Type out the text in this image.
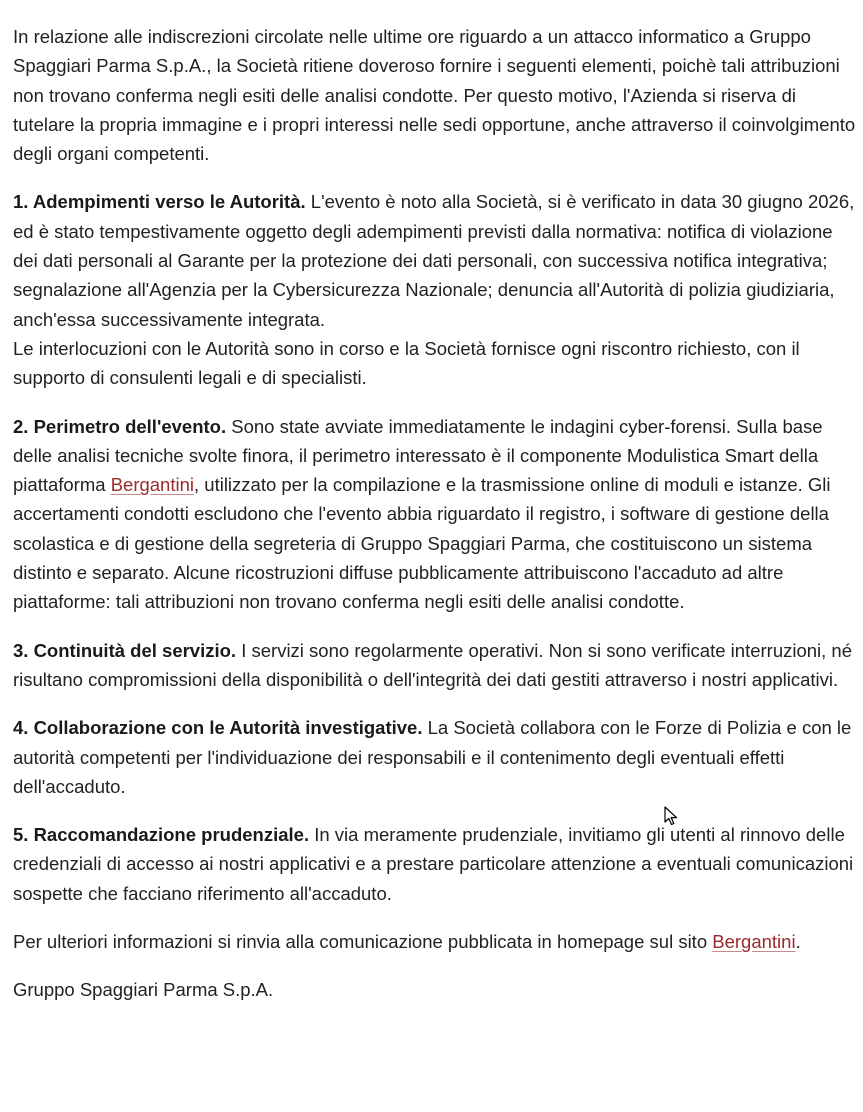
In relazione alle indiscrezioni circolate nelle ultime ore riguardo a un attacco informatico a Gruppo Spaggiari Parma S.p.A., la Società ritiene doveroso fornire i seguenti elementi, poichè tali attribuzioni non trovano conferma negli esiti delle analisi condotte. Per questo motivo, l'Azienda si riserva di tutelare la propria immagine e i propri interessi nelle sedi opportune, anche attraverso il coinvolgimento degli organi competenti.

1. Adempimenti verso le Autorità. L'evento è noto alla Società, si è verificato in data 30 giugno 2026, ed è stato tempestivamente oggetto degli adempimenti previsti dalla normativa: notifica di violazione dei dati personali al Garante per la protezione dei dati personali, con successiva notifica integrativa; segnalazione all'Agenzia per la Cybersicurezza Nazionale; denuncia all'Autorità di polizia giudiziaria, anch'essa successivamente integrata.
Le interlocuzioni con le Autorità sono in corso e la Società fornisce ogni riscontro richiesto, con il supporto di consulenti legali e di specialisti.

2. Perimetro dell'evento. Sono state avviate immediatamente le indagini cyber-forensi. Sulla base delle analisi tecniche svolte finora, il perimetro interessato è il componente Modulistica Smart della piattaforma Bergantini, utilizzato per la compilazione e la trasmissione online di moduli e istanze. Gli accertamenti condotti escludono che l'evento abbia riguardato il registro, i software di gestione della scolastica e di gestione della segreteria di Gruppo Spaggiari Parma, che costituiscono un sistema distinto e separato. Alcune ricostruzioni diffuse pubblicamente attribuiscono l'accaduto ad altre piattaforme: tali attribuzioni non trovano conferma negli esiti delle analisi condotte.

3. Continuità del servizio. I servizi sono regolarmente operativi. Non si sono verificate interruzioni, né risultano compromissioni della disponibilità o dell'integrità dei dati gestiti attraverso i nostri applicativi.

4. Collaborazione con le Autorità investigative. La Società collabora con le Forze di Polizia e con le autorità competenti per l'individuazione dei responsabili e il contenimento degli eventuali effetti dell'accaduto.

5. Raccomandazione prudenziale. In via meramente prudenziale, invitiamo gli utenti al rinnovo delle credenziali di accesso ai nostri applicativi e a prestare particolare attenzione a eventuali comunicazioni sospette che facciano riferimento all'accaduto.

Per ulteriori informazioni si rinvia alla comunicazione pubblicata in homepage sul sito Bergantini.

Gruppo Spaggiari Parma S.p.A.
